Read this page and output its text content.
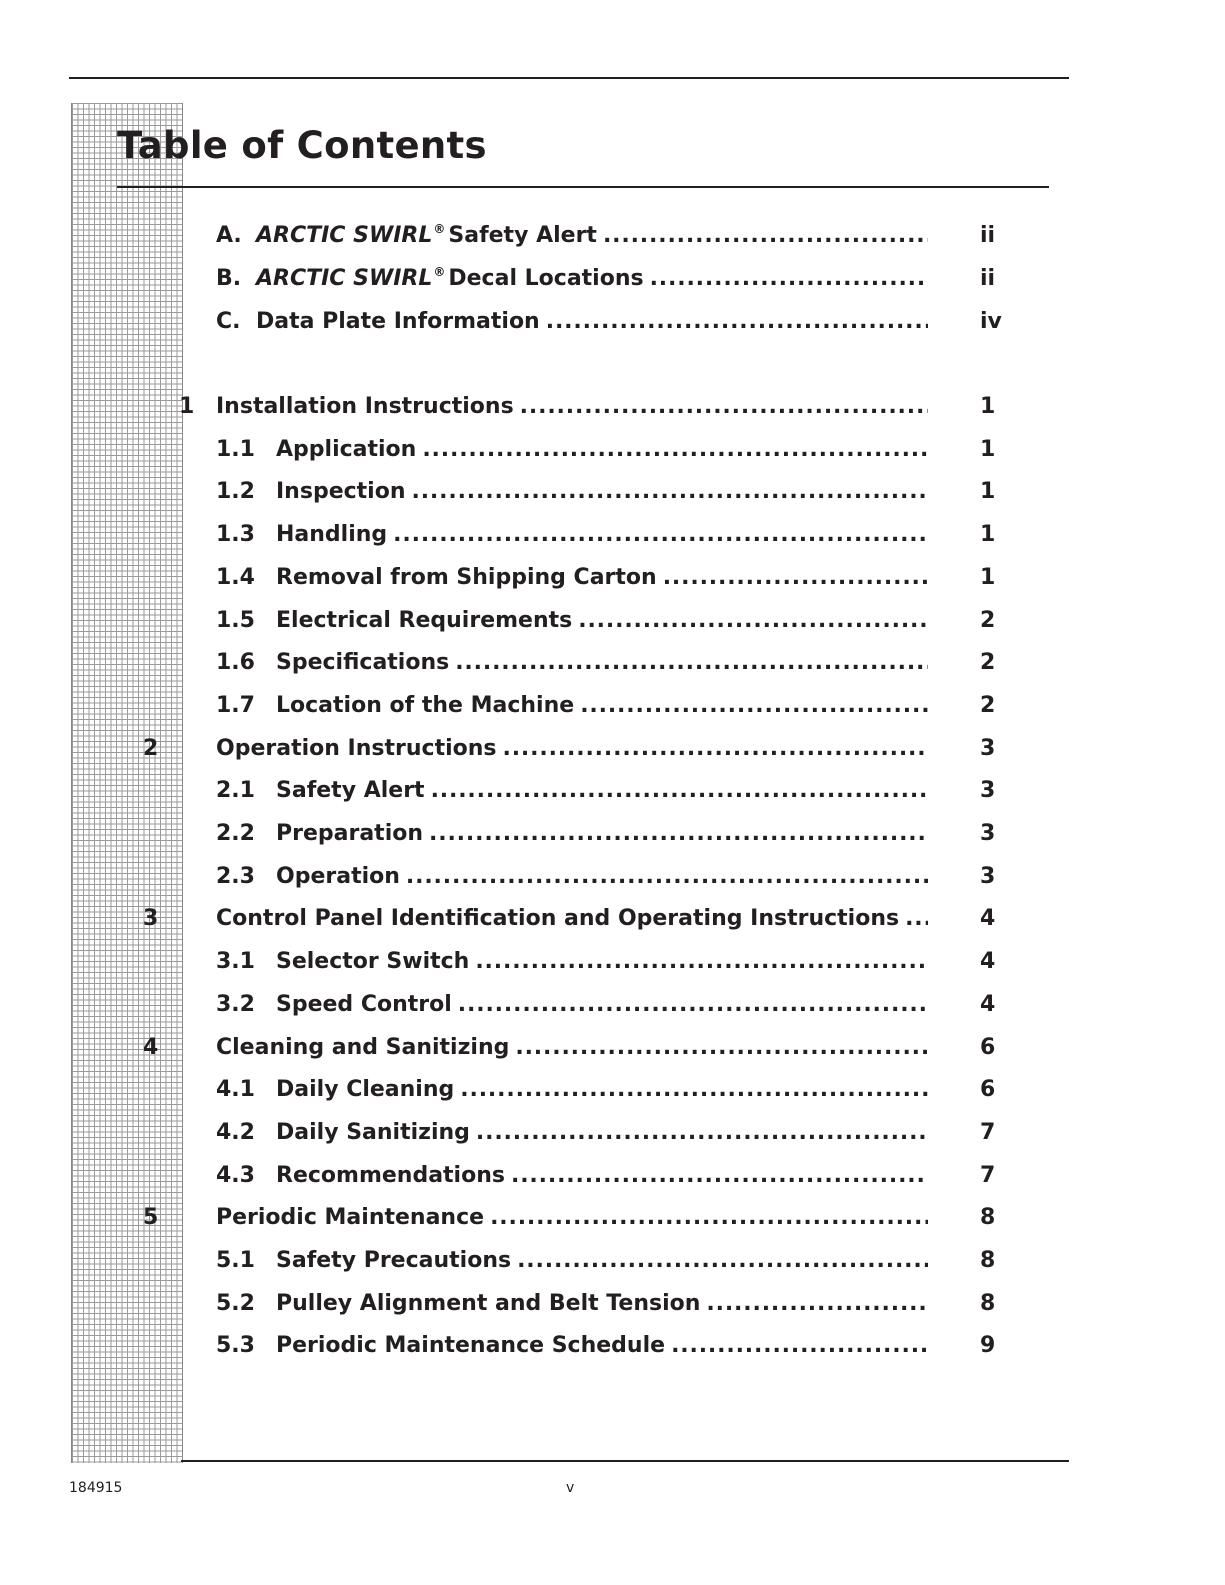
Table of Contents
A. ARCTIC SWIRL ® Safety Alert . . .	ii
B. ARCTIC SWIRL ® Decal Locations . . .	ii
C. Data Plate Information . . .	iv
1 Installation Instructions . . .	1
1.1 Application . . .	1
1.2 Inspection . . .	1
1.3 Handling . . .	1
1.4 Removal from Shipping Carton . . .	1
1.5 Electrical Requirements . . .	2
1.6 Specifications . . .	2
1.7 Location of the Machine . . .	2
2	Operation Instructions . . .	3
2.1 Safety Alert . . .	3
2.2 Preparation . . .	3
2.3 Operation . . .	3
3	Control Panel Identification and Operating Instructions . . .	4
3.1 Selector Switch . . .	4
3.2 Speed Control . . .	4
4	Cleaning and Sanitizing . . .	6
4.1 Daily Cleaning . . .	6
4.2 Daily Sanitizing . . .	7
4.3 Recommendations . . .	7
5	Periodic Maintenance . . .	8
5.1 Safety Precautions . . .	8
5.2 Pulley Alignment and Belt Tension . . .	8
5.3 Periodic Maintenance Schedule . . .	9
184915	v
